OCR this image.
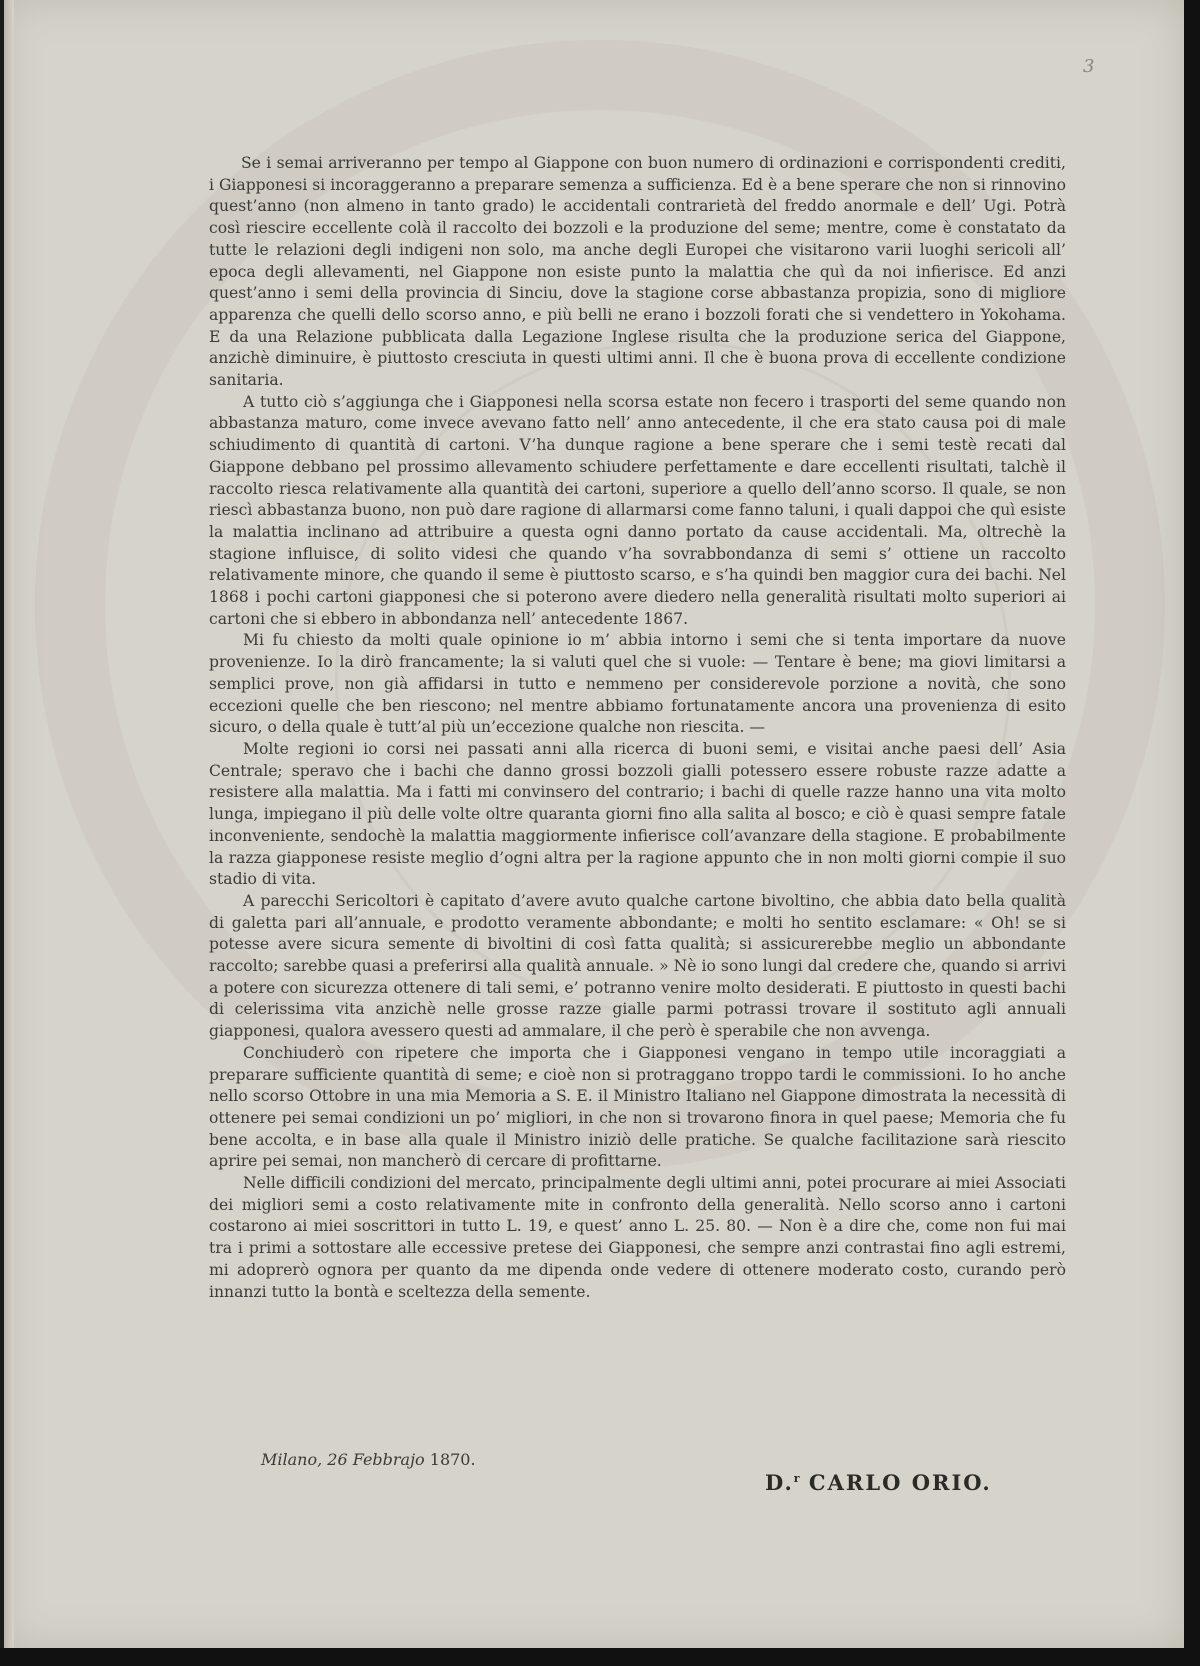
3

Se i semai arriveranno per tempo al Giappone con buon numero di ordinazioni e corrispondenti crediti, i Giapponesi si incoraggeranno a preparare semenza a sufficienza. Ed è a bene sperare che non si rinnovino quest’anno (non almeno in tanto grado) le accidentali contrarietà del freddo anormale e dell’ Ugi. Potrà così riescire eccellente colà il raccolto dei bozzoli e la produzione del seme; mentre, come è constatato da tutte le relazioni degli indigeni non solo, ma anche degli Europei che visitarono varii luoghi sericoli all’ epoca degli allevamenti, nel Giappone non esiste punto la malattia che quì da noi infierisce. Ed anzi quest’anno i semi della provincia di Sinciu, dove la stagione corse abbastanza propizia, sono di migliore apparenza che quelli dello scorso anno, e più belli ne erano i bozzoli forati che si vendettero in Yokohama. E da una Relazione pubblicata dalla Legazione Inglese risulta che la produzione serica del Giappone, anzichè diminuire, è piuttosto cresciuta in questi ultimi anni. Il che è buona prova di eccellente condizione sanitaria.

A tutto ciò s’aggiunga che i Giapponesi nella scorsa estate non fecero i trasporti del seme quando non abbastanza maturo, come invece avevano fatto nell’ anno antecedente, il che era stato causa poi di male schiudimento di quantità di cartoni. V’ha dunque ragione a bene sperare che i semi testè recati dal Giappone debbano pel prossimo allevamento schiudere perfettamente e dare eccellenti risultati, talchè il raccolto riesca relativamente alla quantità dei cartoni, superiore a quello dell’anno scorso. Il quale, se non riescì abbastanza buono, non può dare ragione di allarmarsi come fanno taluni, i quali dappoi che quì esiste la malattia inclinano ad attribuire a questa ogni danno portato da cause accidentali. Ma, oltrechè la stagione influisce, di solito videsi che quando v’ha sovrabbondanza di semi s’ ottiene un raccolto relativamente minore, che quando il seme è piuttosto scarso, e s’ha quindi ben maggior cura dei bachi. Nel 1868 i pochi cartoni giapponesi che si poterono avere diedero nella generalità risultati molto superiori ai cartoni che si ebbero in abbondanza nell’ antecedente 1867.

Mi fu chiesto da molti quale opinione io m’ abbia intorno i semi che si tenta importare da nuove provenienze. Io la dirò francamente; la si valuti quel che si vuole: — Tentare è bene; ma giovi limitarsi a semplici prove, non già affidarsi in tutto e nemmeno per considerevole porzione a novità, che sono eccezioni quelle che ben riescono; nel mentre abbiamo fortunatamente ancora una provenienza di esito sicuro, o della quale è tutt’al più un’eccezione qualche non riescita. —

Molte regioni io corsi nei passati anni alla ricerca di buoni semi, e visitai anche paesi dell’ Asia Centrale; speravo che i bachi che danno grossi bozzoli gialli potessero essere robuste razze adatte a resistere alla malattia. Ma i fatti mi convinsero del contrario; i bachi di quelle razze hanno una vita molto lunga, impiegano il più delle volte oltre quaranta giorni fino alla salita al bosco; e ciò è quasi sempre fatale inconveniente, sendochè la malattia maggiormente infierisce coll’avanzare della stagione. E probabilmente la razza giapponese resiste meglio d’ogni altra per la ragione appunto che in non molti giorni compie il suo stadio di vita.

A parecchi Sericoltori è capitato d’avere avuto qualche cartone bivoltino, che abbia dato bella qualità di galetta pari all’annuale, e prodotto veramente abbondante; e molti ho sentito esclamare: « Oh! se si potesse avere sicura semente di bivoltini di così fatta qualità; si assicurerebbe meglio un abbondante raccolto; sarebbe quasi a preferirsi alla qualità annuale. » Nè io sono lungi dal credere che, quando si arrivi a potere con sicurezza ottenere di tali semi, e’ potranno venire molto desiderati. E piuttosto in questi bachi di celerissima vita anzichè nelle grosse razze gialle parmi potrassi trovare il sostituto agli annuali giapponesi, qualora avessero questi ad ammalare, il che però è sperabile che non avvenga.

Conchiuderò con ripetere che importa che i Giapponesi vengano in tempo utile incoraggiati a preparare sufficiente quantità di seme; e cioè non si protraggano troppo tardi le commissioni. Io ho anche nello scorso Ottobre in una mia Memoria a S. E. il Ministro Italiano nel Giappone dimostrata la necessità di ottenere pei semai condizioni un po’ migliori, in che non si trovarono finora in quel paese; Memoria che fu bene accolta, e in base alla quale il Ministro iniziò delle pratiche. Se qualche facilitazione sarà riescito aprire pei semai, non mancherò di cercare di profittarne.

Nelle difficili condizioni del mercato, principalmente degli ultimi anni, potei procurare ai miei Associati dei migliori semi a costo relativamente mite in confronto della generalità. Nello scorso anno i cartoni costarono ai miei soscrittori in tutto L. 19, e quest’ anno L. 25. 80. — Non è a dire che, come non fui mai tra i primi a sottostare alle eccessive pretese dei Giapponesi, che sempre anzi contrastai fino agli estremi, mi adoprerò ognora per quanto da me dipenda onde vedere di ottenere moderato costo, curando però innanzi tutto la bontà e sceltezza della semente.

Milano, 26 Febbrajo 1870.
D.$^r$ CARLO ORIO.
